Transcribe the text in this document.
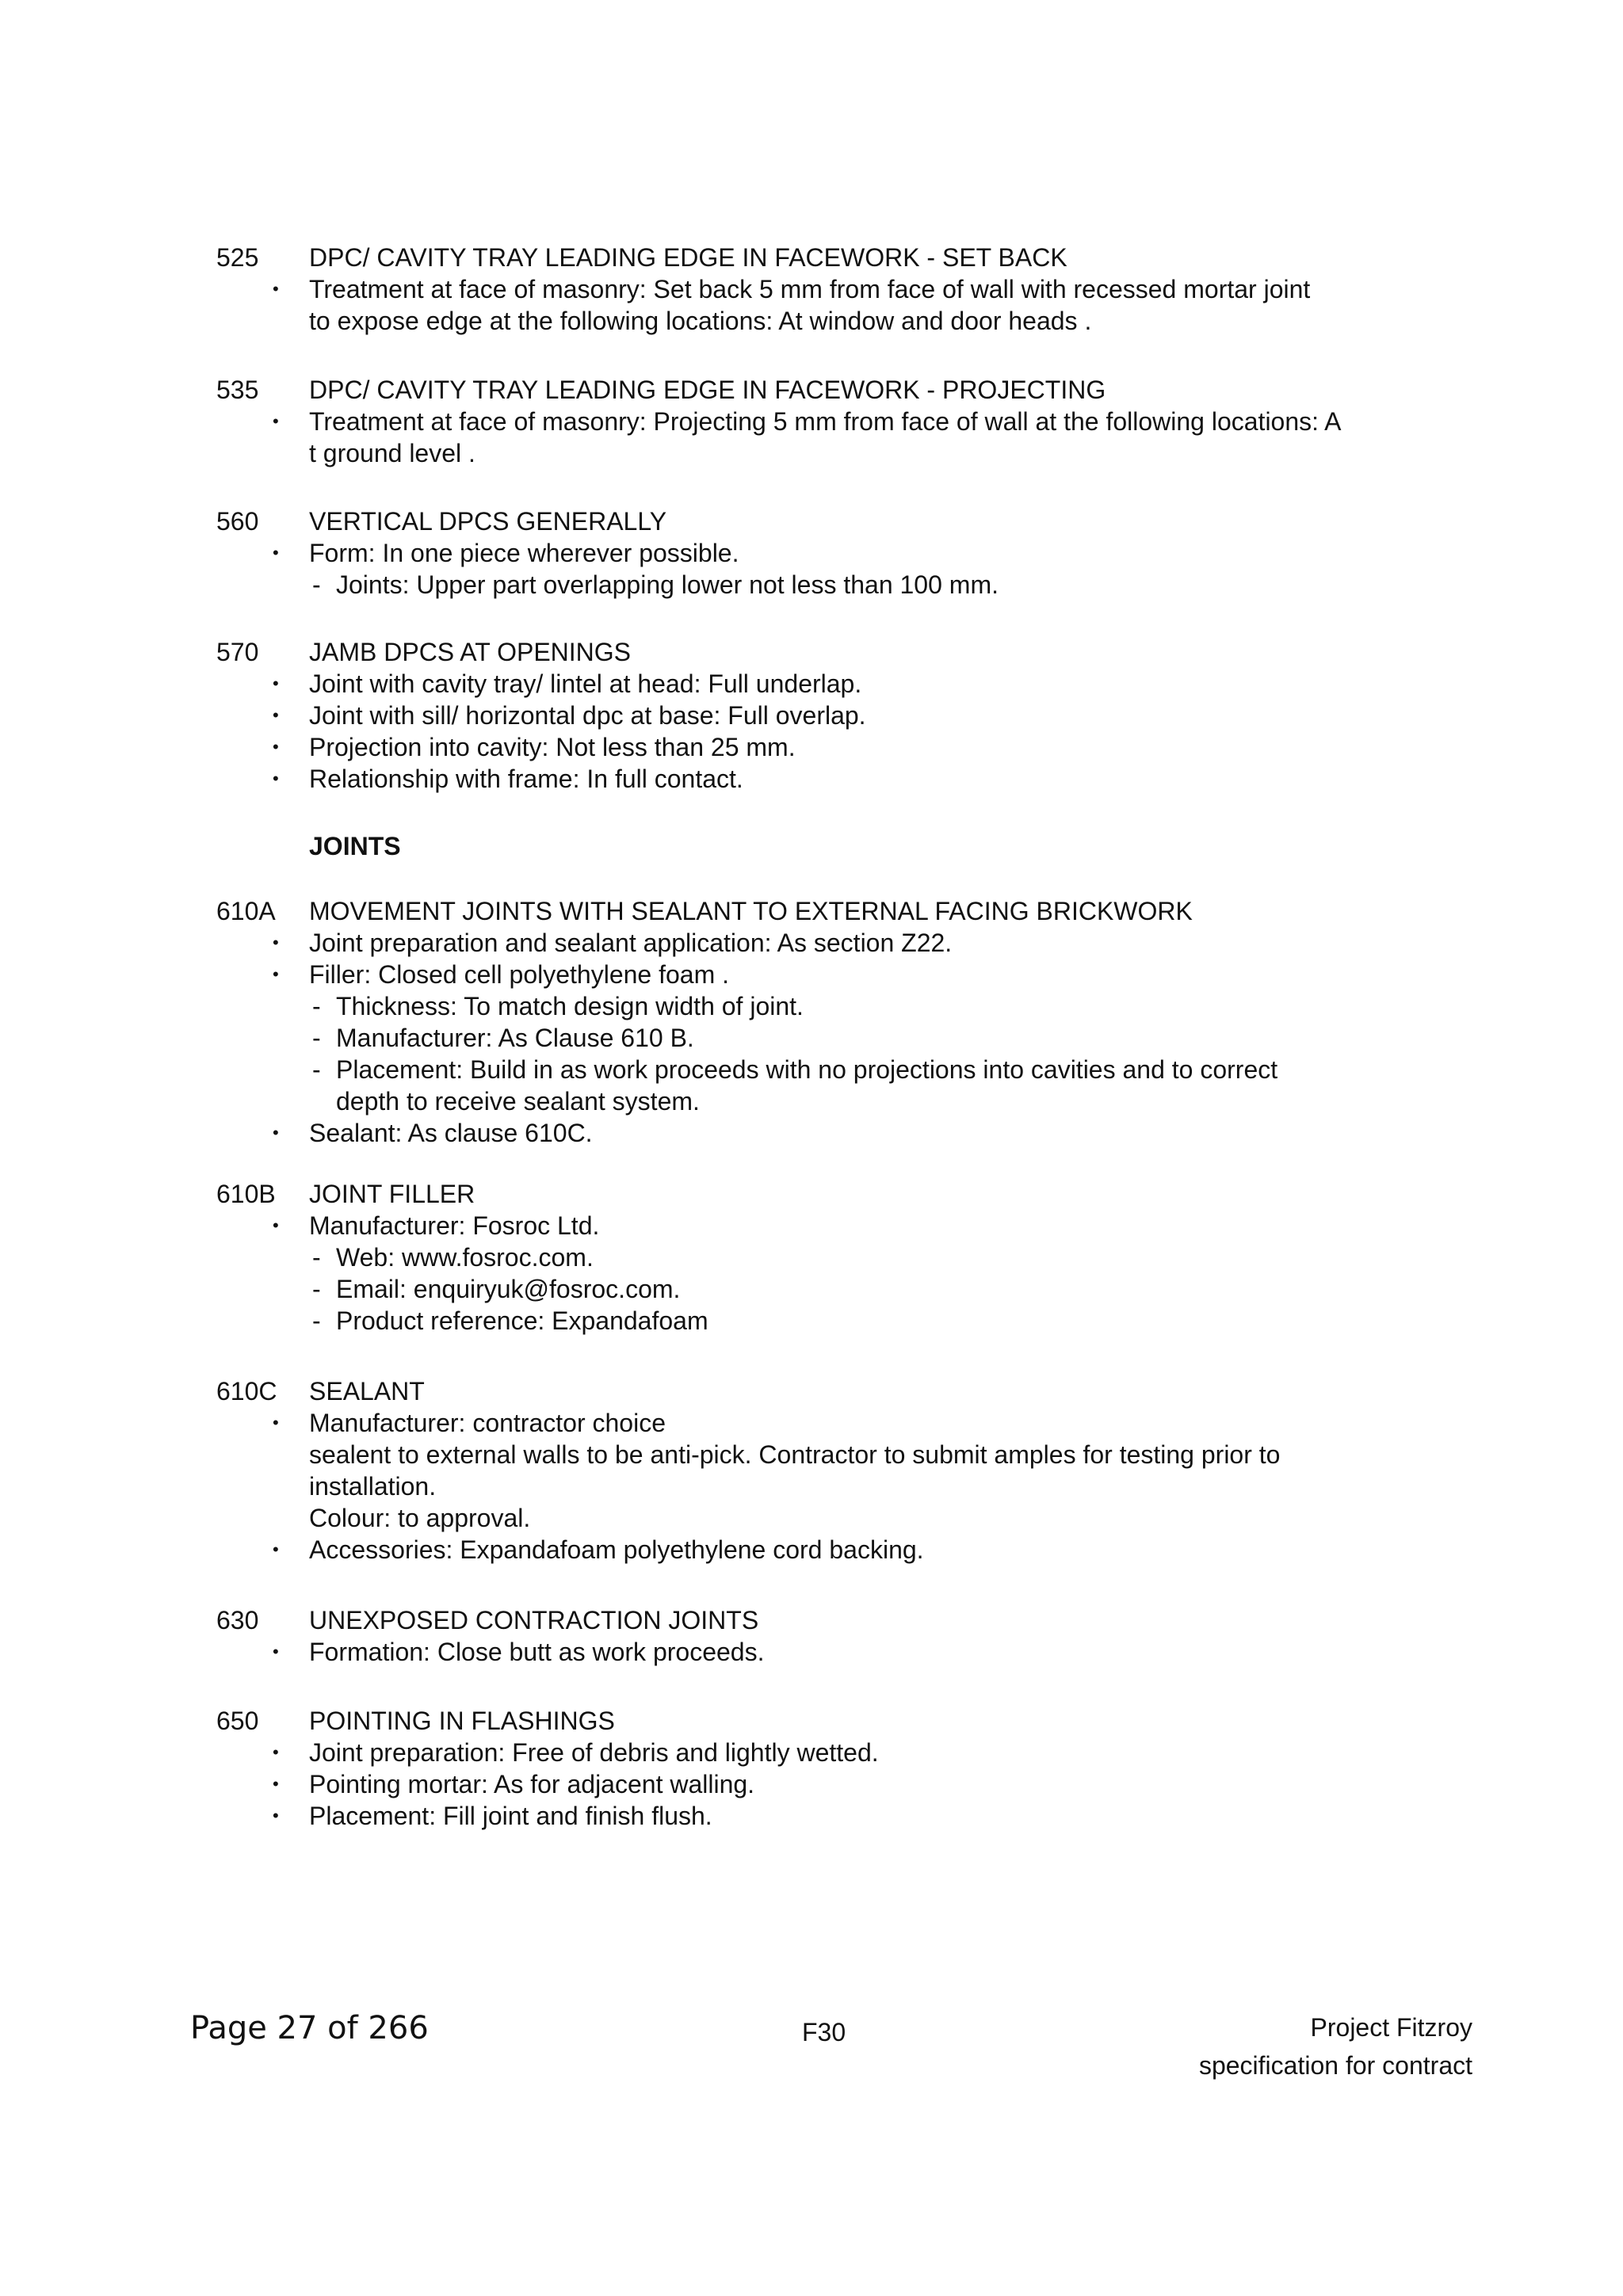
525 DPC/ CAVITY TRAY LEADING EDGE IN FACEWORK - SET BACK
• Treatment at face of masonry: Set back 5 mm from face of wall with recessed mortar joint
to expose edge at the following locations: At window and door heads .
535 DPC/ CAVITY TRAY LEADING EDGE IN FACEWORK - PROJECTING
• Treatment at face of masonry: Projecting 5 mm from face of wall at the following locations: A
t ground level .
560 VERTICAL DPCS GENERALLY
• Form: In one piece wherever possible.
- Joints: Upper part overlapping lower not less than 100 mm.
570 JAMB DPCS AT OPENINGS
• Joint with cavity tray/ lintel at head: Full underlap.
• Joint with sill/ horizontal dpc at base: Full overlap.
• Projection into cavity: Not less than 25 mm.
• Relationship with frame: In full contact.
610A MOVEMENT JOINTS WITH SEALANT TO EXTERNAL FACING BRICKWORK
• Joint preparation and sealant application: As section Z22.
• Filler: Closed cell polyethylene foam .
- Thickness: To match design width of joint.
- Manufacturer: As Clause 610 B.
- Placement: Build in as work proceeds with no projections into cavities and to correct
depth to receive sealant system.
• Sealant: As clause 610C.
610B JOINT FILLER
• Manufacturer: Fosroc Ltd.
- Web: www.fosroc.com.
- Email: enquiryuk@fosroc.com.
- Product reference: Expandafoam
610C SEALANT
• Manufacturer: contractor choice
sealent to external walls to be anti-pick. Contractor to submit amples for testing prior to
installation.
Colour: to approval.
• Accessories: Expandafoam polyethylene cord backing.
630 UNEXPOSED CONTRACTION JOINTS
• Formation: Close butt as work proceeds.
650 POINTING IN FLASHINGS
• Joint preparation: Free of debris and lightly wetted.
• Pointing mortar: As for adjacent walling.
• Placement: Fill joint and finish flush.
JOINTS
Page 27 of 266	F30	Project Fitzroy
specification for contract
